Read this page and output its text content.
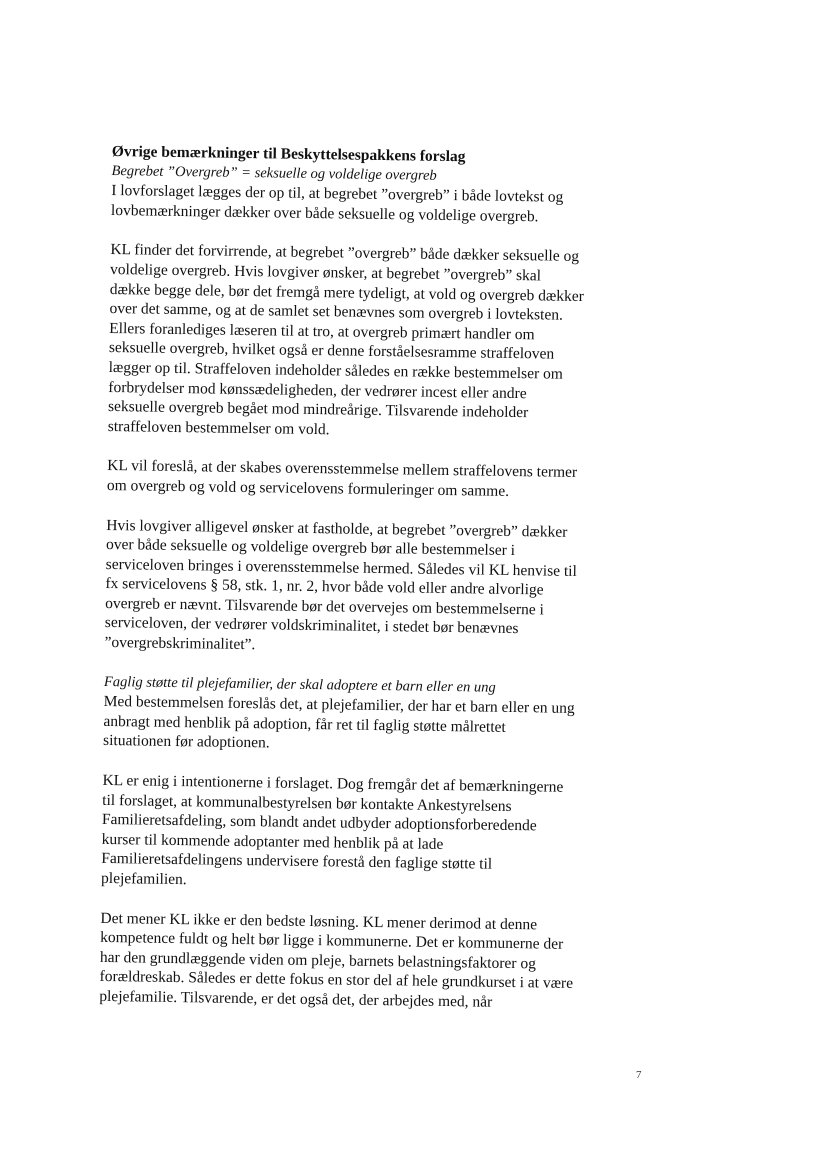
Øvrige bemærkninger til Beskyttelsespakkens forslag
Begrebet ”Overgreb” = seksuelle og voldelige overgreb
I lovforslaget lægges der op til, at begrebet ”overgreb” i både lovtekst og
lovbemærkninger dækker over både seksuelle og voldelige overgreb.
KL finder det forvirrende, at begrebet ”overgreb” både dækker seksuelle og
voldelige overgreb. Hvis lovgiver ønsker, at begrebet ”overgreb” skal
dække begge dele, bør det fremgå mere tydeligt, at vold og overgreb dækker
over det samme, og at de samlet set benævnes som overgreb i lovteksten.
Ellers foranlediges læseren til at tro, at overgreb primært handler om
seksuelle overgreb, hvilket også er denne forståelsesramme straffeloven
lægger op til. Straffeloven indeholder således en række bestemmelser om
forbrydelser mod kønssædeligheden, der vedrører incest eller andre
seksuelle overgreb begået mod mindreårige. Tilsvarende indeholder
straffeloven bestemmelser om vold.
KL vil foreslå, at der skabes overensstemmelse mellem straffelovens termer
om overgreb og vold og servicelovens formuleringer om samme.
Hvis lovgiver alligevel ønsker at fastholde, at begrebet ”overgreb” dækker
over både seksuelle og voldelige overgreb bør alle bestemmelser i
serviceloven bringes i overensstemmelse hermed. Således vil KL henvise til
fx servicelovens § 58, stk. 1, nr. 2, hvor både vold eller andre alvorlige
overgreb er nævnt. Tilsvarende bør det overvejes om bestemmelserne i
serviceloven, der vedrører voldskriminalitet, i stedet bør benævnes
”overgrebskriminalitet”.
Faglig støtte til plejefamilier, der skal adoptere et barn eller en ung
Med bestemmelsen foreslås det, at plejefamilier, der har et barn eller en ung
anbragt med henblik på adoption, får ret til faglig støtte målrettet
situationen før adoptionen.
KL er enig i intentionerne i forslaget. Dog fremgår det af bemærkningerne
til forslaget, at kommunalbestyrelsen bør kontakte Ankestyrelsens
Familieretsafdeling, som blandt andet udbyder adoptionsforberedende
kurser til kommende adoptanter med henblik på at lade
Familieretsafdelingens undervisere forestå den faglige støtte til
plejefamilien.
Det mener KL ikke er den bedste løsning. KL mener derimod at denne
kompetence fuldt og helt bør ligge i kommunerne. Det er kommunerne der
har den grundlæggende viden om pleje, barnets belastningsfaktorer og
forældreskab. Således er dette fokus en stor del af hele grundkurset i at være
plejefamilie. Tilsvarende, er det også det, der arbejdes med, når
7
